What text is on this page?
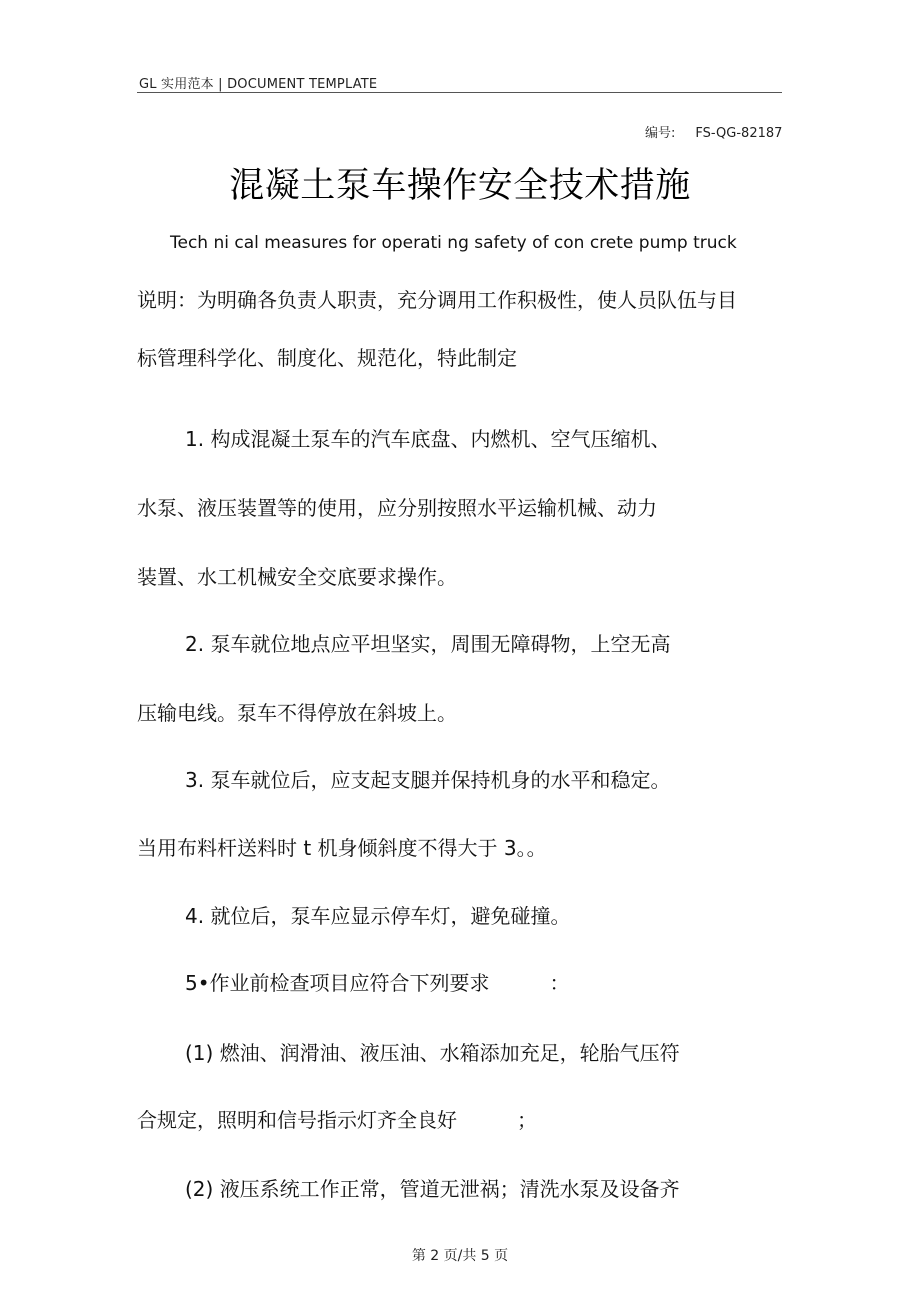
GL 实用范本 | DOCUMENT TEMPLATE
编号: FS-QG-82187
混凝土泵车操作安全技术措施
Tech ni cal measures for operati ng safety of con crete pump truck
说明：为明确各负责人职责，充分调用工作积极性，使人员队伍与目
标管理科学化、制度化、规范化，特此制定
1. 构成混凝土泵车的汽车底盘、内燃机、空气压缩机、
水泵、液压装置等的使用，应分别按照水平运输机械、动力
装置、水工机械安全交底要求操作。
2. 泵车就位地点应平坦坚实，周围无障碍物，上空无高
压输电线。泵车不得停放在斜坡上。
3. 泵车就位后，应支起支腿并保持机身的水平和稳定。
当用布料杆送料时 t 机身倾斜度不得大于 3。。
4. 就位后，泵车应显示停车灯，避免碰撞。
5•作业前检查项目应符合下列要求　　　：
(1) 燃油、润滑油、液压油、水箱添加充足，轮胎气压符
合规定，照明和信号指示灯齐全良好　　　；
(2) 液压系统工作正常，管道无泄祸；清洗水泵及设备齐
第 2 页/共 5 页
